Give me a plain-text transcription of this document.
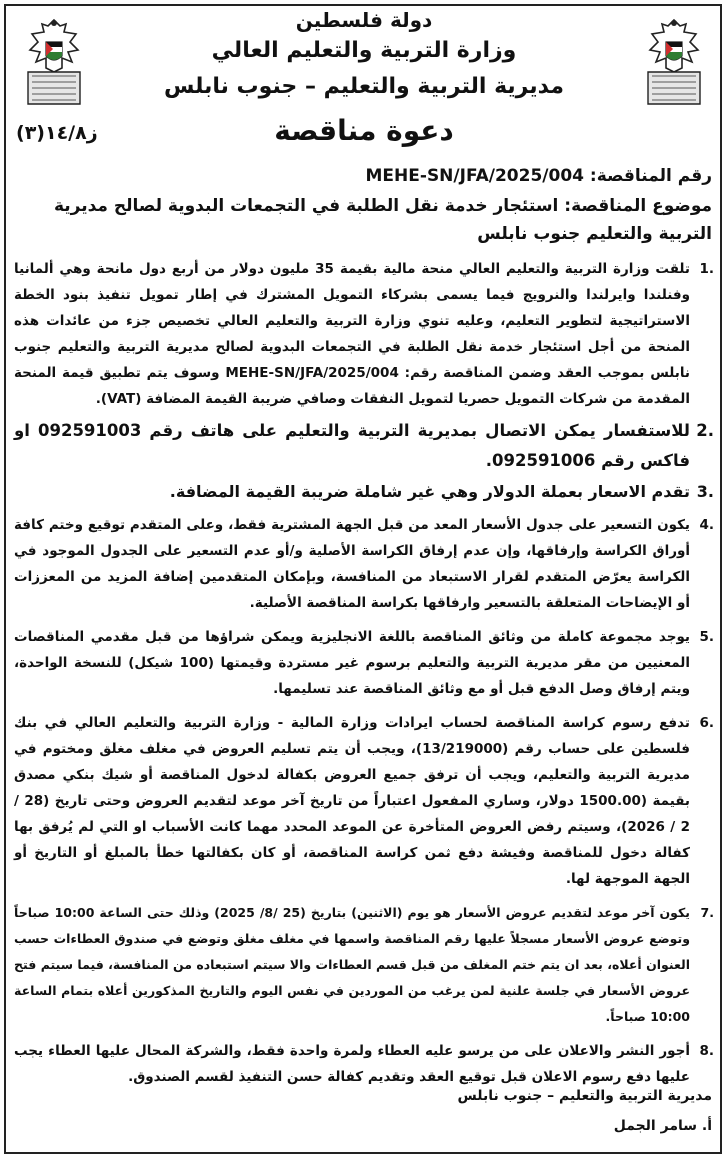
دولة فلسطين
وزارة التربية والتعليم العالي
مديرية التربية والتعليم – جنوب نابلس
دعوة مناقصة
ز١٤/٨(٣)
رقم المناقصة: MEHE-SN/JFA/2025/004
موضوع المناقصة: استئجار خدمة نقل الطلبة في التجمعات البدوية لصالح مديرية التربية والتعليم جنوب نابلس
1.
تلقت وزارة التربية والتعليم العالي منحة مالية بقيمة 35 مليون دولار من أربع دول مانحة وهي ألمانيا وفنلندا وايرلندا والنرويج فيما يسمى بشركاء التمويل المشترك في إطار تمويل تنفيذ بنود الخطة الاستراتيجية لتطوير التعليم، وعليه تنوي وزارة التربية والتعليم العالي تخصيص جزء من عائدات هذه المنحة من أجل استئجار خدمة نقل الطلبة في التجمعات البدوية لصالح مديرية التربية والتعليم جنوب نابلس بموجب العقد وضمن المناقصة رقم: MEHE-SN/JFA/2025/004 وسوف يتم تطبيق قيمة المنحة المقدمة من شركات التمويل حصريا لتمويل النفقات وصافي ضريبة القيمة المضافة (VAT).
2.
للاستفسار يمكن الاتصال بمديرية التربية والتعليم على هاتف رقم 092591003 او فاكس رقم 092591006.
3.
تقدم الاسعار بعملة الدولار وهي غير شاملة ضريبة القيمة المضافة.
4.
يكون التسعير على جدول الأسعار المعد من قبل الجهة المشترية فقط، وعلى المتقدم توقيع وختم كافة أوراق الكراسة وإرفاقها، وإن عدم إرفاق الكراسة الأصلية و/أو عدم التسعير على الجدول الموجود في الكراسة يعرّض المتقدم لقرار الاستبعاد من المنافسة، وبإمكان المتقدمين إضافة المزيد من المعززات أو الإيضاحات المتعلقة بالتسعير وارفاقها بكراسة المناقصة الأصلية.
5.
يوجد مجموعة كاملة من وثائق المناقصة باللغة الانجليزية ويمكن شراؤها من قبل مقدمي المناقصات المعنيين من مقر مديرية التربية والتعليم برسوم غير مستردة وقيمتها (100 شيكل) للنسخة الواحدة، ويتم إرفاق وصل الدفع قبل أو مع وثائق المناقصة عند تسليمها.
6.
تدفع رسوم كراسة المناقصة لحساب ايرادات وزارة المالية - وزارة التربية والتعليم العالي في بنك فلسطين على حساب رقم (13/219000)، ويجب أن يتم تسليم العروض في مغلف مغلق ومختوم في مديرية التربية والتعليم، ويجب أن ترفق جميع العروض بكفالة لدخول المناقصة أو شيك بنكي مصدق بقيمة (1500.00 دولار، وساري المفعول اعتباراً من تاريخ آخر موعد لتقديم العروض وحتى تاريخ (28 / 2 / 2026)، وسيتم رفض العروض المتأخرة عن الموعد المحدد مهما كانت الأسباب او التي لم يُرفق بها كفالة دخول للمناقصة وفيشة دفع ثمن كراسة المناقصة، أو كان بكفالتها خطأ بالمبلغ أو التاريخ أو الجهة الموجهة لها.
7.
يكون آخر موعد لتقديم عروض الأسعار هو يوم (الاثنين) بتاريخ (25 /8/ 2025) وذلك حتى الساعة 10:00 صباحاً وتوضع عروض الأسعار مسجلاً عليها رقم المناقصة واسمها في مغلف مغلق وتوضع في صندوق العطاءات حسب العنوان أعلاه، بعد ان يتم ختم المغلف من قبل قسم العطاءات والا سيتم استبعاده من المنافسة، فيما سيتم فتح عروض الأسعار في جلسة علنية لمن يرغب من الموردين في نفس اليوم والتاريخ المذكورين أعلاه بتمام الساعة 10:00 صباحاً.
8.
أجور النشر والاعلان على من يرسو عليه العطاء ولمرة واحدة فقط، والشركة المحال عليها العطاء يجب عليها دفع رسوم الاعلان قبل توقيع العقد وتقديم كفالة حسن التنفيذ لقسم الصندوق.
مديرية التربية والتعليم – جنوب نابلس
أ. سامر الجمل
